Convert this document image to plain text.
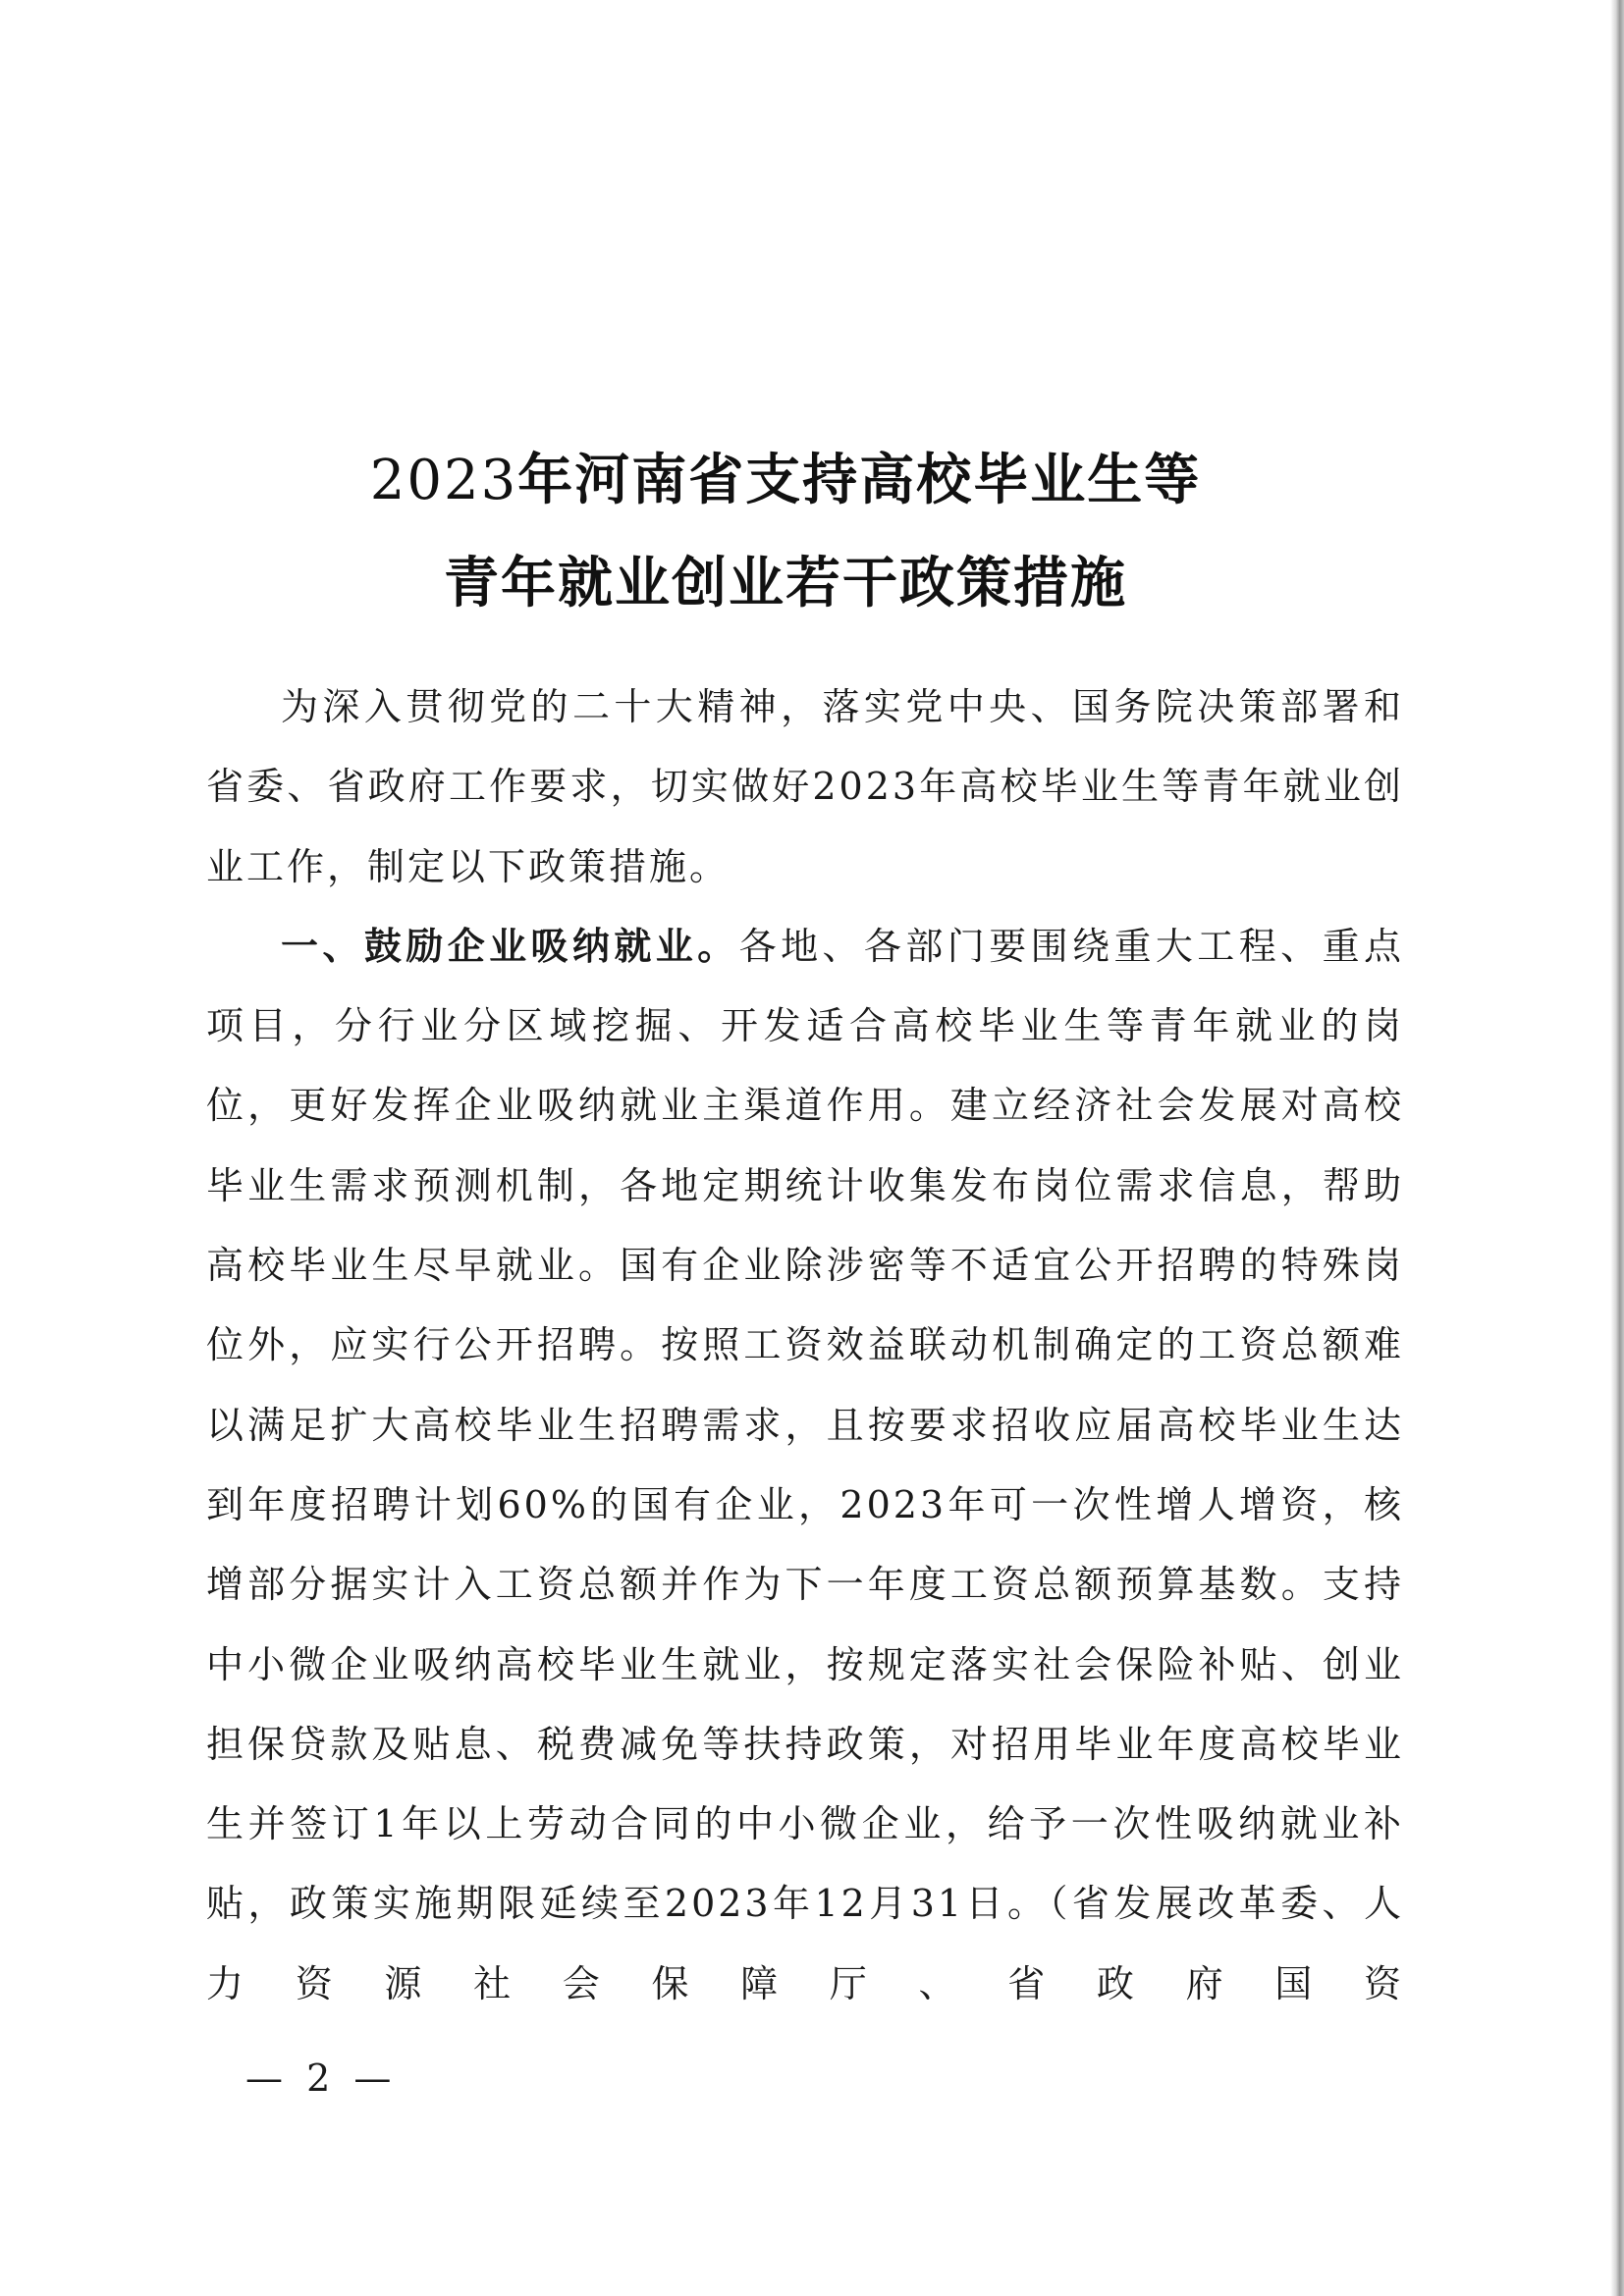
2023年河南省支持高校毕业生等
青年就业创业若干政策措施

为深入贯彻党的二十大精神，落实党中央、国务院决策部署和省委、省政府工作要求，切实做好2023年高校毕业生等青年就业创业工作，制定以下政策措施。

一、鼓励企业吸纳就业。各地、各部门要围绕重大工程、重点项目，分行业分区域挖掘、开发适合高校毕业生等青年就业的岗位，更好发挥企业吸纳就业主渠道作用。建立经济社会发展对高校毕业生需求预测机制，各地定期统计收集发布岗位需求信息，帮助高校毕业生尽早就业。国有企业除涉密等不适宜公开招聘的特殊岗位外，应实行公开招聘。按照工资效益联动机制确定的工资总额难以满足扩大高校毕业生招聘需求，且按要求招收应届高校毕业生达到年度招聘计划60%的国有企业，2023年可一次性增人增资，核增部分据实计入工资总额并作为下一年度工资总额预算基数。支持中小微企业吸纳高校毕业生就业，按规定落实社会保险补贴、创业担保贷款及贴息、税费减免等扶持政策，对招用毕业年度高校毕业生并签订1年以上劳动合同的中小微企业，给予一次性吸纳就业补贴，政策实施期限延续至2023年12月31日。（省发展改革委、人力资源社会保障厅、省政府国资

— 2 —
